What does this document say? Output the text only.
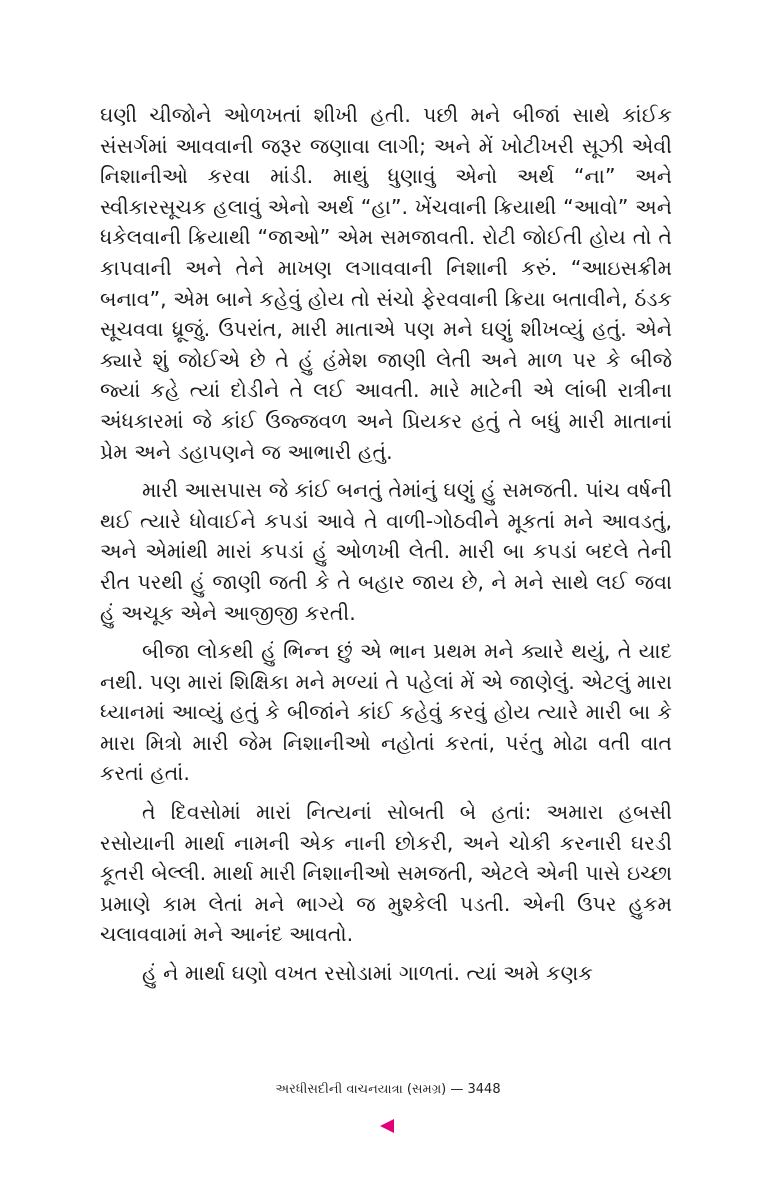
ઘણી ચીજોને ઓળખતાં શીખી હતી. પછી મને બીજાં સાથે કાંઈક સંસર્ગમાં આવવાની જરૂર જણાવા લાગી; અને મેં ખોટીખરી સૂઝી એવી નિશાનીઓ કરવા માંડી. માથું ધુણાવું એનો અર્થ “ના” અને સ્વીકારસૂચક હલાવું એનો અર્થ “હા”. ખેંચવાની ક્રિયાથી “આવો” અને ધકેલવાની ક્રિયાથી “જાઓ” એમ સમજાવતી. રોટી જોઈતી હોય તો તે કાપવાની અને તેને માખણ લગાવવાની નિશાની કરું. “આઇસક્રીમ બનાવ”, એમ બાને કહેવું હોય તો સંચો ફેરવવાની ક્રિયા બતાવીને, ઠંડક સૂચવવા ધ્રૂજું. ઉપરાંત, મારી માતાએ પણ મને ઘણું શીખવ્યું હતું. એને ક્યારે શું જોઈએ છે તે હું હંમેશ જાણી લેતી અને માળ પર કે બીજે જ્યાં કહે ત્યાં દોડીને તે લઈ આવતી. મારે માટેની એ લાંબી રાત્રીના અંધકારમાં જે કાંઈ ઉજ્જવળ અને પ્રિયકર હતું તે બધું મારી માતાનાં પ્રેમ અને ડહાપણને જ આભારી હતું.

મારી આસપાસ જે કાંઈ બનતું તેમાંનું ઘણું હું સમજતી. પાંચ વર્ષની થઈ ત્યારે ધોવાઈને કપડાં આવે તે વાળી-ગોઠવીને મૂકતાં મને આવડતું, અને એમાંથી મારાં કપડાં હું ઓળખી લેતી. મારી બા કપડાં બદલે તેની રીત પરથી હું જાણી જતી કે તે બહાર જાય છે, ને મને સાથે લઈ જવા હું અચૂક એને આજીજી કરતી.

બીજા લોકથી હું ભિન્ન છું એ ભાન પ્રથમ મને ક્યારે થયું, તે યાદ નથી. પણ મારાં શિક્ષિકા મને મળ્યાં તે પહેલાં મેં એ જાણેલું. એટલું મારા ધ્યાનમાં આવ્યું હતું કે બીજાંને કાંઈ કહેવું કરવું હોય ત્યારે મારી બા કે મારા મિત્રો મારી જેમ નિશાનીઓ નહોતાં કરતાં, પરંતુ મોઢા વતી વાત કરતાં હતાં.

તે દિવસોમાં મારાં નિત્યનાં સોબતી બે હતાં: અમારા હબસી રસોયાની માર્થા નામની એક નાની છોકરી, અને ચોકી કરનારી ઘરડી કૂતરી બેલ્લી. માર્થા મારી નિશાનીઓ સમજતી, એટલે એની પાસે ઇચ્છા પ્રમાણે કામ લેતાં મને ભાગ્યે જ મુશ્કેલી પડતી. એની ઉપર હુકમ ચલાવવામાં મને આનંદ આવતો.

હું ને માર્થા ઘણો વખત રસોડામાં ગાળતાં. ત્યાં અમે કણક

અરધીસદીની વાચનયાત્રા (સમગ્ર) — 3448
